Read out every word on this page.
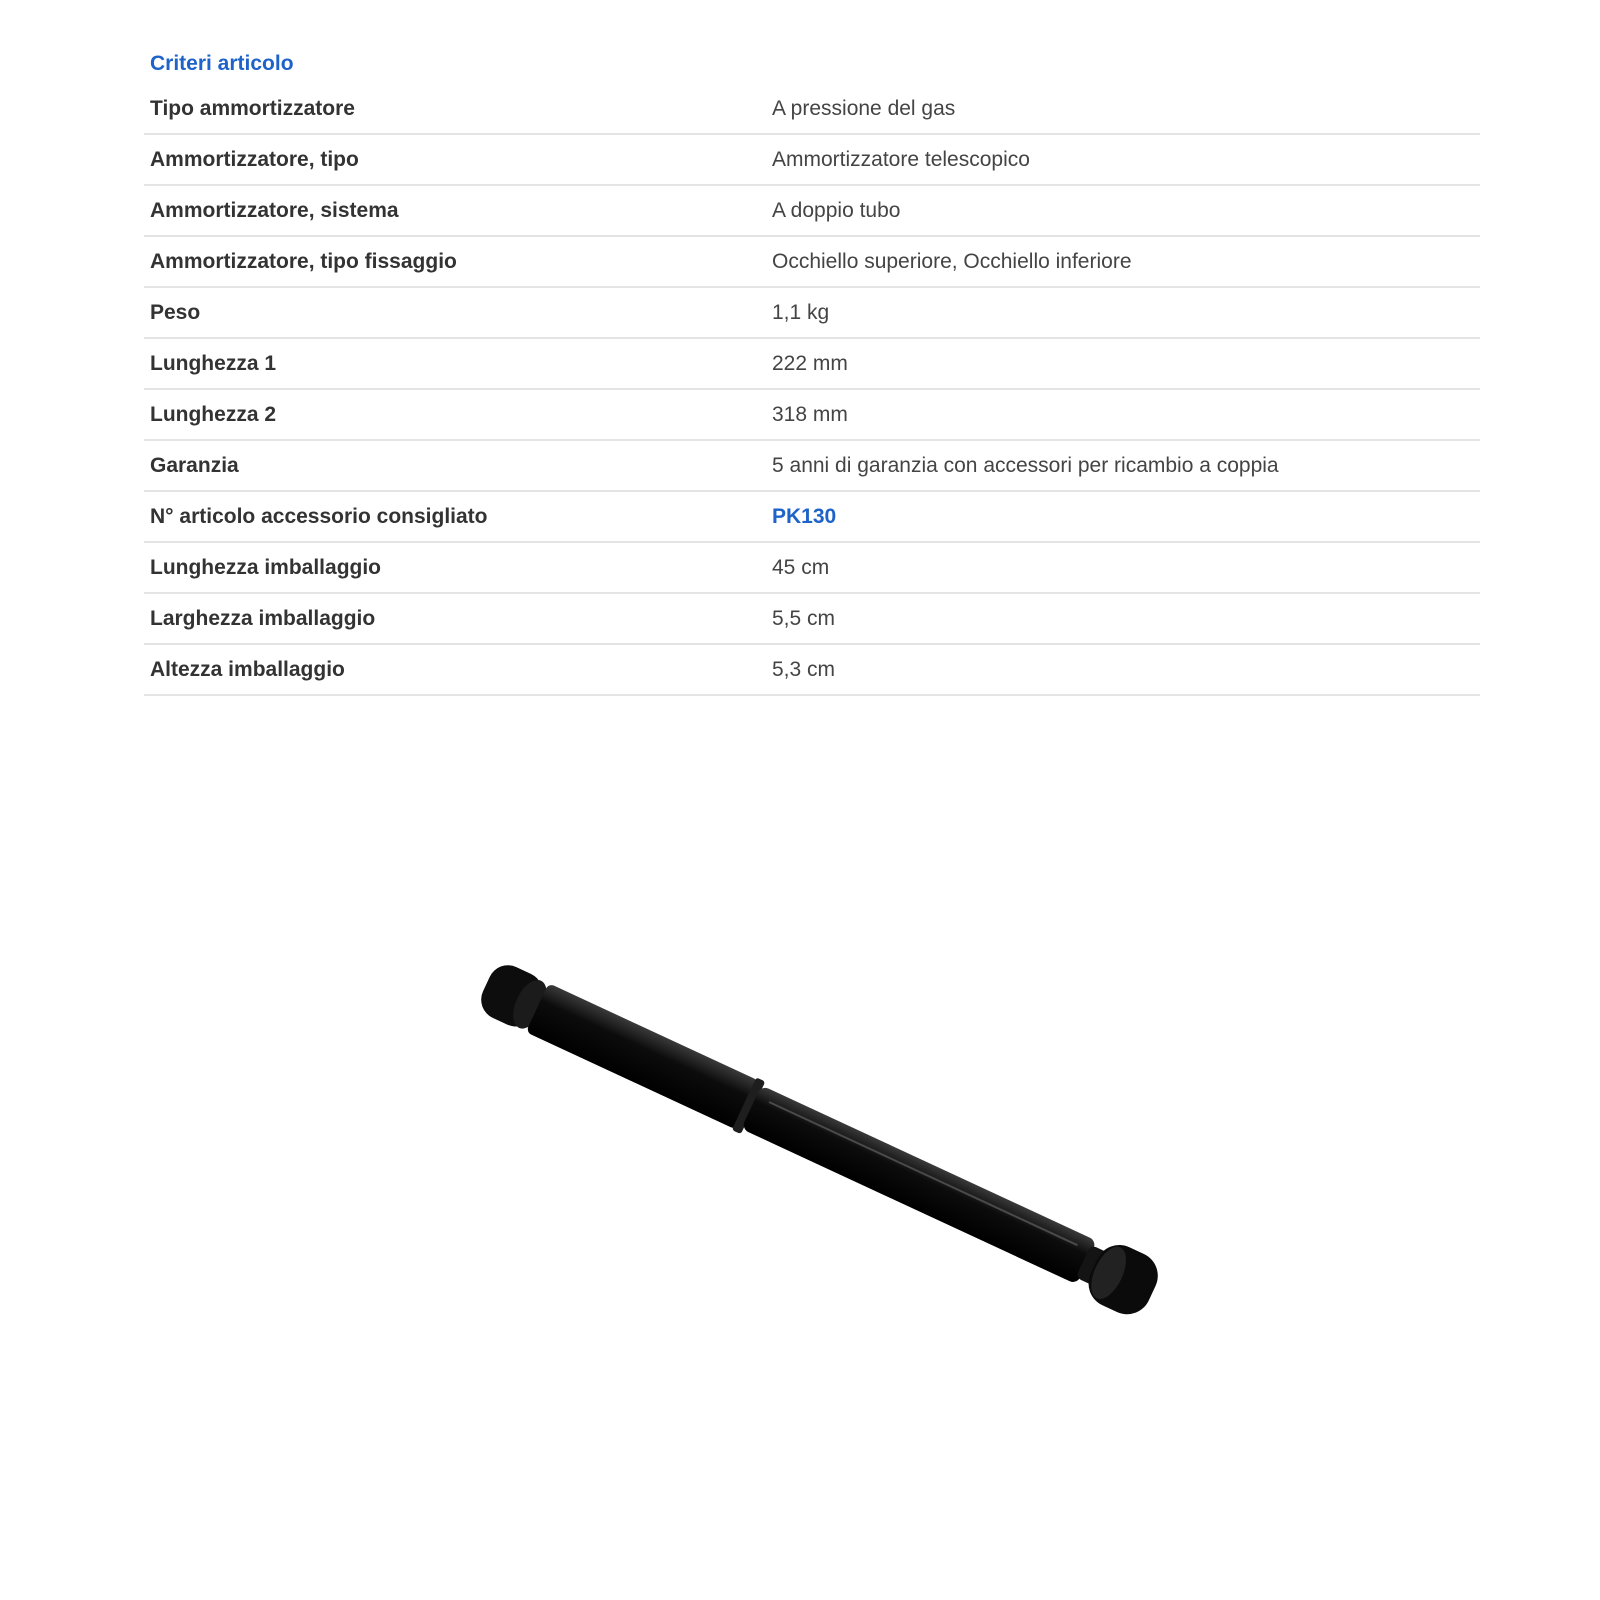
Criteri articolo
Tipo ammortizzatore	A pressione del gas
Ammortizzatore, tipo	Ammortizzatore telescopico
Ammortizzatore, sistema	A doppio tubo
Ammortizzatore, tipo fissaggio	Occhiello superiore, Occhiello inferiore
Peso	1,1 kg
Lunghezza 1	222 mm
Lunghezza 2	318 mm
Garanzia	5 anni di garanzia con accessori per ricambio a coppia
N° articolo accessorio consigliato	PK130
Lunghezza imballaggio	45 cm
Larghezza imballaggio	5,5 cm
Altezza imballaggio	5,3 cm
